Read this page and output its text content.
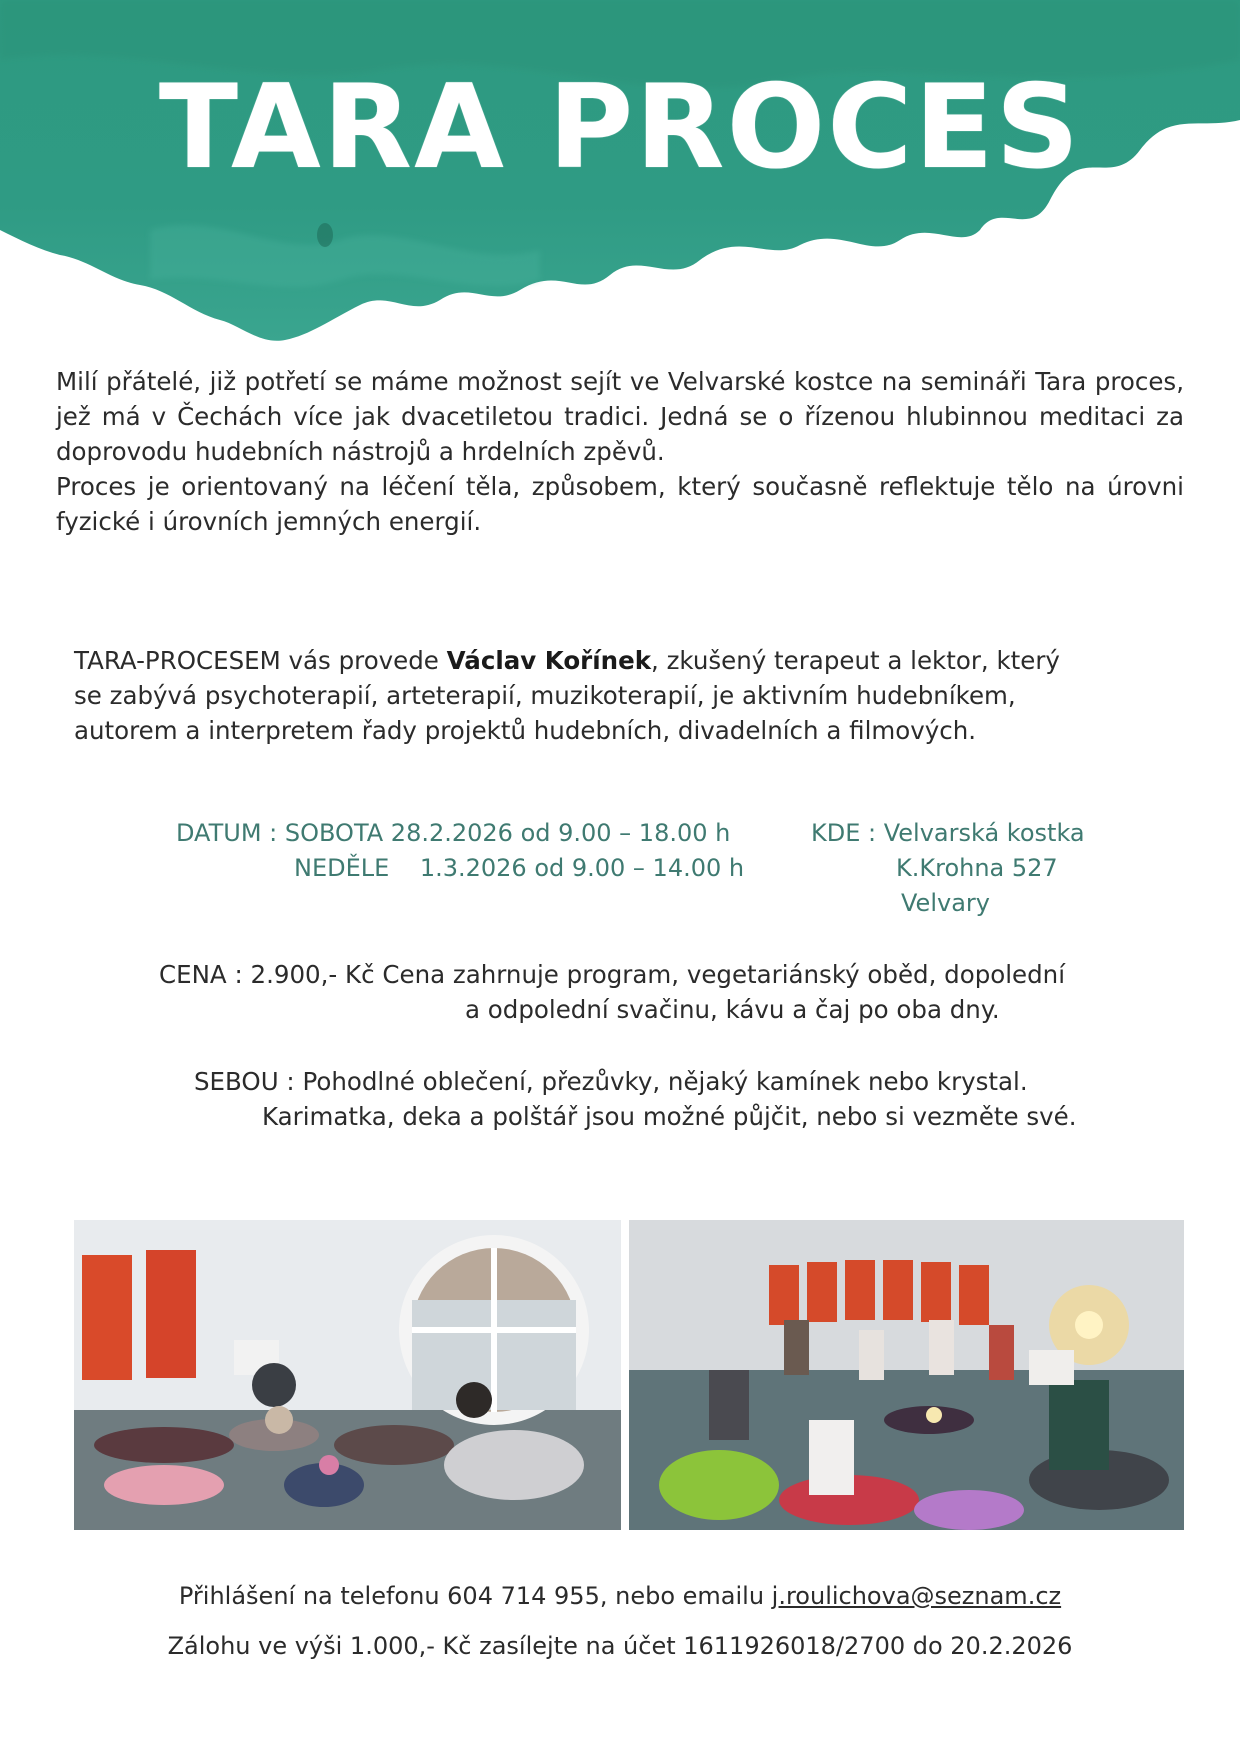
TARA PROCES

Milí přátelé, již potřetí se máme možnost sejít ve Velvarské kostce na semináři Tara proces, jež má v Čechách více jak dvacetiletou tradici. Jedná se o řízenou hlubinnou meditaci za doprovodu hudebních nástrojů a hrdelních zpěvů.

Proces je orientovaný na léčení těla, způsobem, který současně reflektuje tělo na úrovni fyzické i úrovních jemných energií.

TARA-PROCESEM vás provede Václav Kořínek, zkušený terapeut a lektor, který
se zabývá psychoterapií, arteterapií, muzikoterapií, je aktivním hudebníkem,
autorem a interpretem řady projektů hudebních, divadelních a filmových.
DATUM : SOBOTA 28.2.2026 od 9.00 – 18.00 h
NEDĚLE    1.3.2026 od 9.00 – 14.00 h
KDE : Velvarská kostka
K.Krohna 527
Velvary
CENA : 2.900,- Kč Cena zahrnuje program, vegetariánský oběd, dopolední
a odpolední svačinu, kávu a čaj po oba dny.
SEBOU : Pohodlné oblečení, přezůvky, nějaký kamínek nebo krystal.
Karimatka, deka a polštář jsou možné půjčit, nebo si vezměte své.
Přihlášení na telefonu 604 714 955, nebo emailu j.roulichova@seznam.cz
Zálohu ve výši 1.000,- Kč zasílejte na účet 1611926018/2700 do 20.2.2026
